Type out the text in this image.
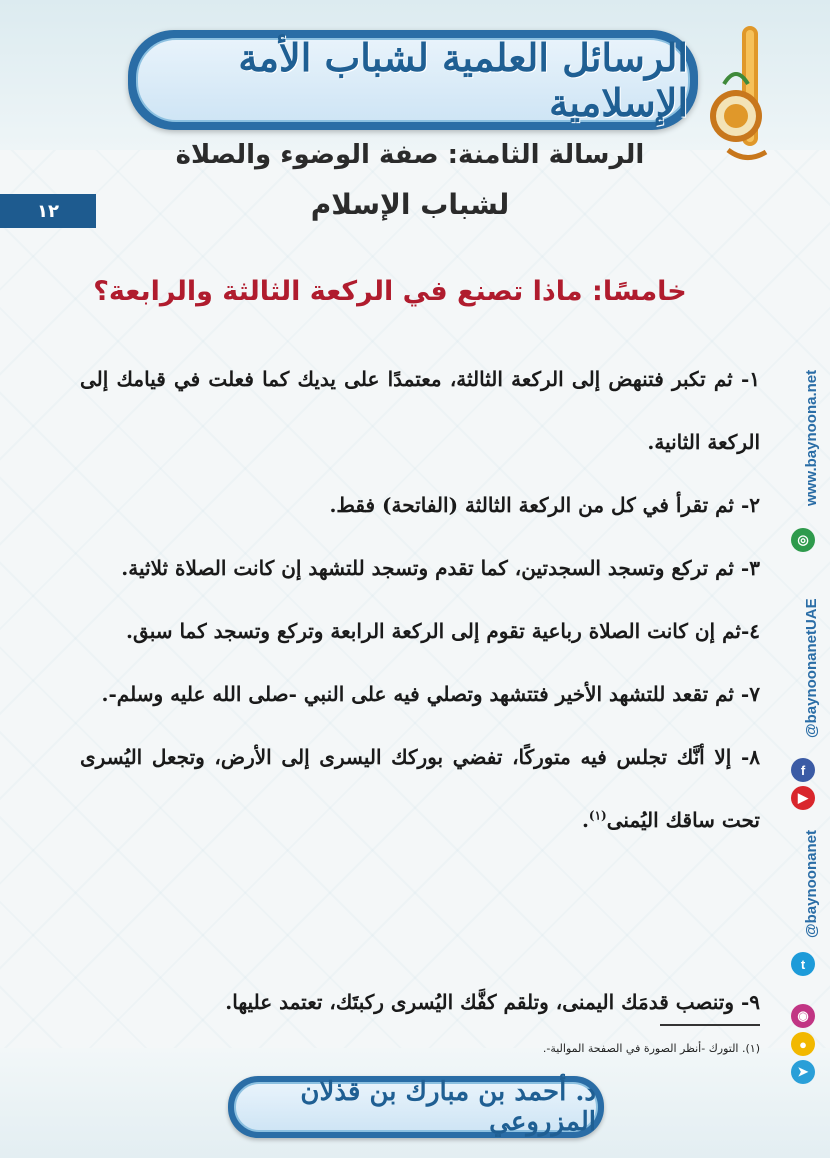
الرسائل العلمية لشباب الأمة الإسلامية
الرسالة الثامنة: صفة الوضوء والصلاة
لشباب الإسلام
١٢
خامسًا: ماذا تصنع في الركعة الثالثة والرابعة؟

١- ثم تكبر فتنهض إلى الركعة الثالثة، معتمدًا على يديك كما فعلت في قيامك إلى الركعة الثانية.

٢- ثم تقرأ في كل من الركعة الثالثة (الفاتحة) فقط.

٣- ثم تركع وتسجد السجدتين، كما تقدم وتسجد للتشهد إن كانت الصلاة ثلاثية.

٤-ثم إن كانت الصلاة رباعية تقوم إلى الركعة الرابعة وتركع وتسجد كما سبق.

٧- ثم تقعد للتشهد الأخير فتتشهد وتصلي فيه على النبي -صلى الله عليه وسلم-.

٨- إلا أنَّك تجلس فيه متوركًا، تفضي بوركك اليسرى إلى الأرض، وتجعل اليُسرى تحت ساقك اليُمنى$^{(١)}$.

٩- وتنصب قدمَك اليمنى، وتلقم كفَّك اليُسرى ركبتَك، تعتمد عليها.
(١). التورك -أنظر الصورة في الصفحة الموالية-.
www.baynoona.net
◎
@baynoonanetUAE
f
▶
@baynoonanet
t
◉
●
➤
د. أحمد بن مبارك بن قذلان المزروعي
